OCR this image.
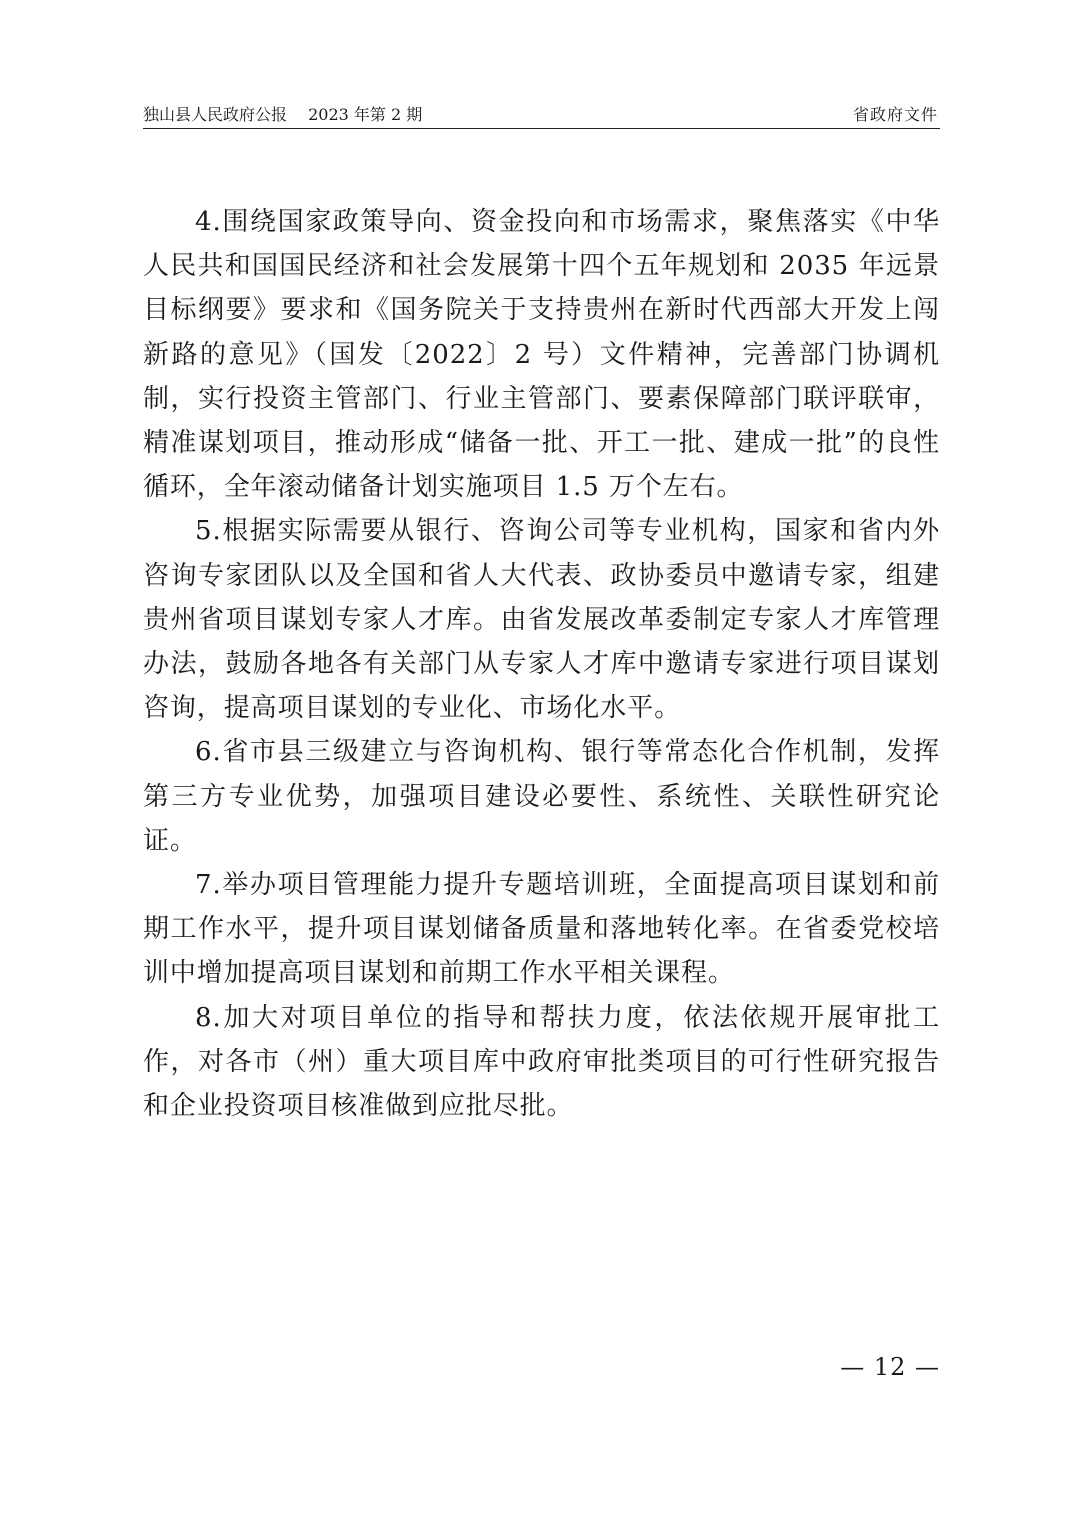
独山县人民政府公报　 2023 年第 2 期	省政府文件

4.围绕国家政策导向、资金投向和市场需求，聚焦落实《中华人民共和国国民经济和社会发展第十四个五年规划和 2035 年远景目标纲要》要求和《国务院关于支持贵州在新时代西部大开发上闯新路的意见》（国发〔2022〕2 号）文件精神，完善部门协调机制，实行投资主管部门、行业主管部门、要素保障部门联评联审，精准谋划项目，推动形成“储备一批、开工一批、建成一批”的良性循环，全年滚动储备计划实施项目 1.5 万个左右。

5.根据实际需要从银行、咨询公司等专业机构，国家和省内外咨询专家团队以及全国和省人大代表、政协委员中邀请专家，组建贵州省项目谋划专家人才库。由省发展改革委制定专家人才库管理办法，鼓励各地各有关部门从专家人才库中邀请专家进行项目谋划咨询，提高项目谋划的专业化、市场化水平。

6.省市县三级建立与咨询机构、银行等常态化合作机制，发挥第三方专业优势，加强项目建设必要性、系统性、关联性研究论证。

7.举办项目管理能力提升专题培训班，全面提高项目谋划和前期工作水平，提升项目谋划储备质量和落地转化率。在省委党校培训中增加提高项目谋划和前期工作水平相关课程。

8.加大对项目单位的指导和帮扶力度，依法依规开展审批工作，对各市（州）重大项目库中政府审批类项目的可行性研究报告和企业投资项目核准做到应批尽批。

— 12 —
